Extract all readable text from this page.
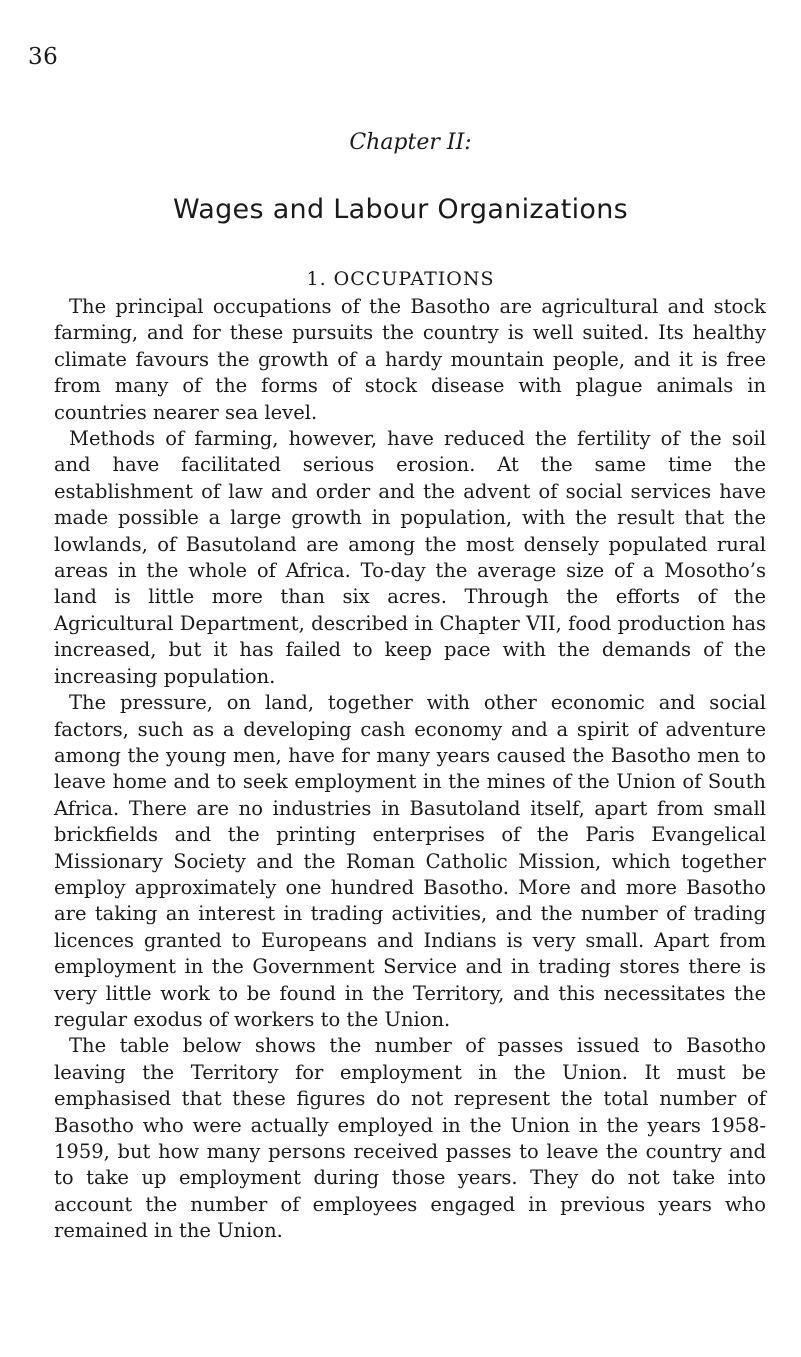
36
Chapter II:
Wages and Labour Organizations
1. OCCUPATIONS

The principal occupations of the Basotho are agricultural and stock farming, and for these pursuits the country is well suited. Its healthy climate favours the growth of a hardy mountain people, and it is free from many of the forms of stock disease with plague animals in countries nearer sea level.

Methods of farming, however, have reduced the fertility of the soil and have facilitated serious erosion. At the same time the establishment of law and order and the advent of social services have made possible a large growth in population, with the result that the lowlands, of Basutoland are among the most densely populated rural areas in the whole of Africa. To-day the average size of a Mosotho’s land is little more than six acres. Through the efforts of the Agricultural Department, described in Chapter VII, food production has increased, but it has failed to keep pace with the demands of the increasing population.

The pressure, on land, together with other economic and social factors, such as a developing cash economy and a spirit of adventure among the young men, have for many years caused the Basotho men to leave home and to seek employment in the mines of the Union of South Africa. There are no industries in Basutoland itself, apart from small brickfields and the printing enterprises of the Paris Evangelical Missionary Society and the Roman Catholic Mission, which together employ approximately one hundred Basotho. More and more Basotho are taking an interest in trading activities, and the number of trading licences granted to Europeans and Indians is very small. Apart from employment in the Government Service and in trading stores there is very little work to be found in the Territory, and this necessitates the regular exodus of workers to the Union.

The table below shows the number of passes issued to Basotho leaving the Territory for employment in the Union. It must be emphasised that these figures do not represent the total number of Basotho who were actually employed in the Union in the years 1958-1959, but how many persons received passes to leave the country and to take up employment during those years. They do not take into account the number of employees engaged in previous years who remained in the Union.
